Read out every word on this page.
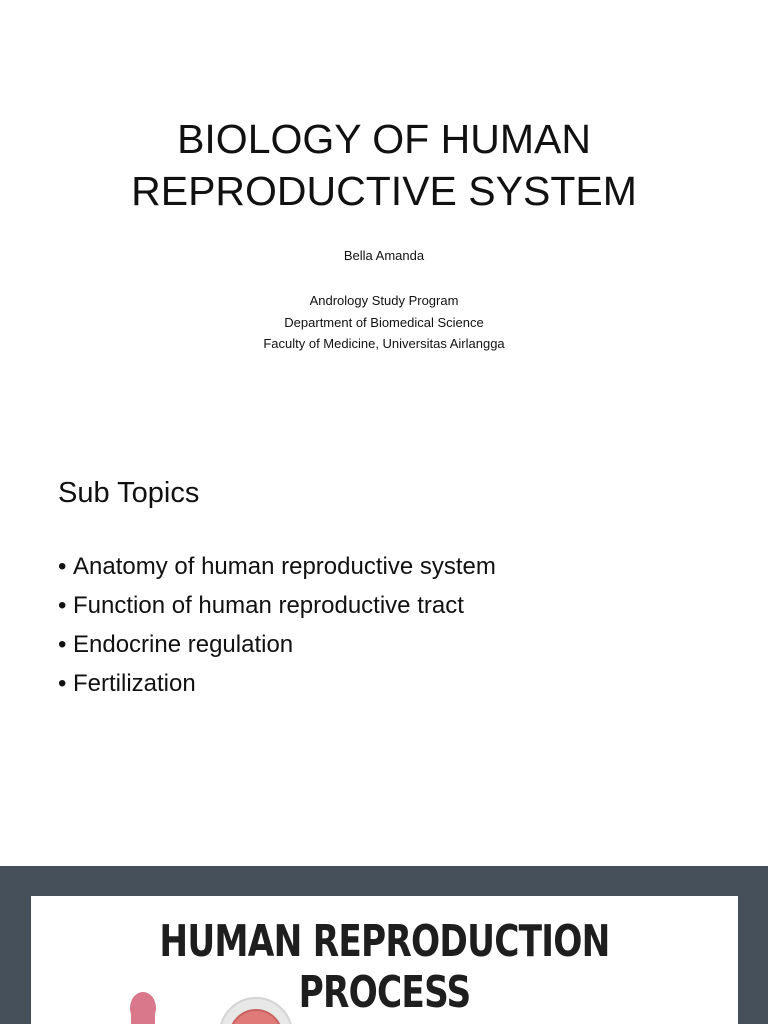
BIOLOGY OF HUMAN
REPRODUCTIVE SYSTEM
Bella Amanda
Andrology Study Program
Department of Biomedical Science
Faculty of Medicine, Universitas Airlangga
Sub Topics
• Anatomy of human reproductive system
• Function of human reproductive tract
• Endocrine regulation
• Fertilization
HUMAN REPRODUCTION PROCESS
